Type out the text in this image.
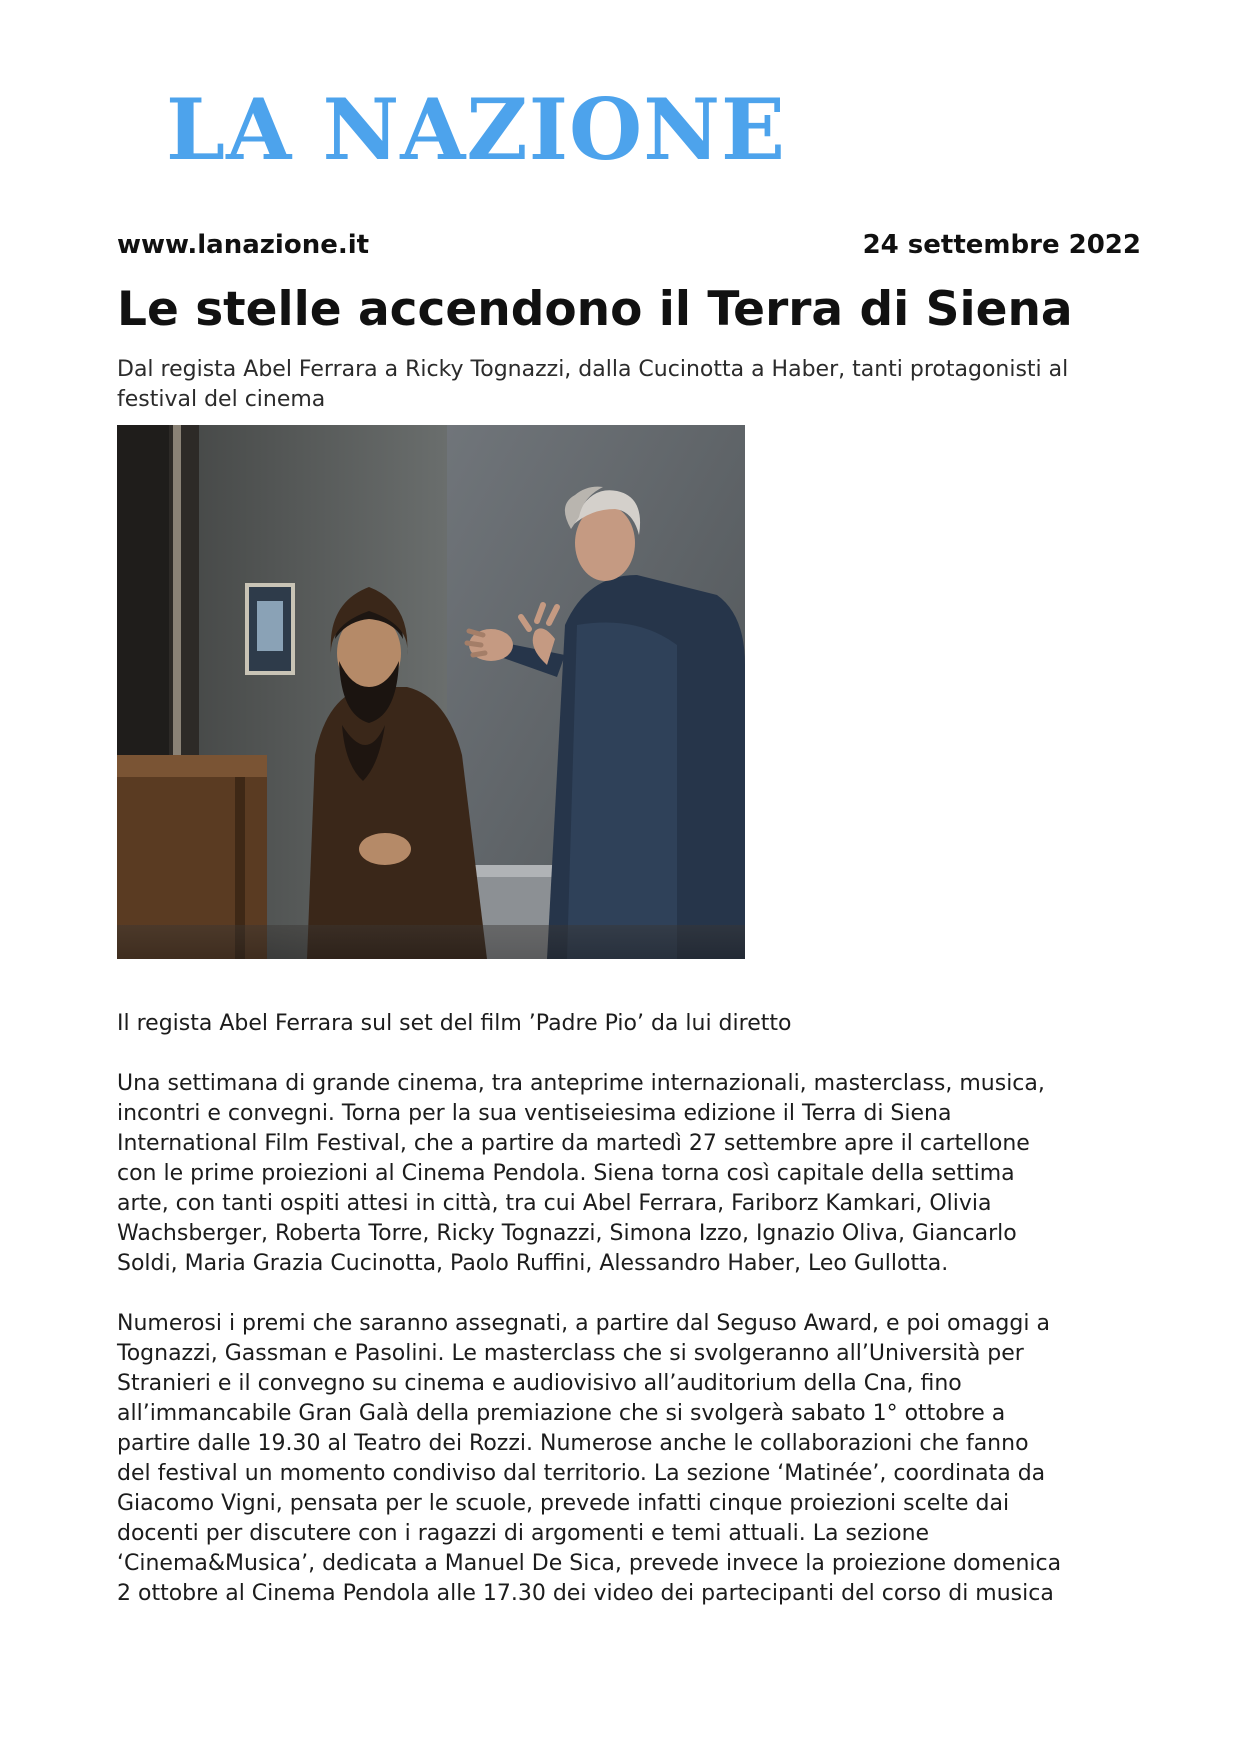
LA NAZIONE
www.lanazione.it	24 settembre 2022
Le stelle accendono il Terra di Siena

Dal regista Abel Ferrara a Ricky Tognazzi, dalla Cucinotta a Haber, tanti protagonisti al festival del cinema

Il regista Abel Ferrara sul set del film ’Padre Pio’ da lui diretto

Una settimana di grande cinema, tra anteprime internazionali, masterclass, musica,
incontri e convegni. Torna per la sua ventiseiesima edizione il Terra di Siena
International Film Festival, che a partire da martedì 27 settembre apre il cartellone
con le prime proiezioni al Cinema Pendola. Siena torna così capitale della settima
arte, con tanti ospiti attesi in città, tra cui Abel Ferrara, Fariborz Kamkari, Olivia
Wachsberger, Roberta Torre, Ricky Tognazzi, Simona Izzo, Ignazio Oliva, Giancarlo
Soldi, Maria Grazia Cucinotta, Paolo Ruffini, Alessandro Haber, Leo Gullotta.

Numerosi i premi che saranno assegnati, a partire dal Seguso Award, e poi omaggi a
Tognazzi, Gassman e Pasolini. Le masterclass che si svolgeranno all’Università per
Stranieri e il convegno su cinema e audiovisivo all’auditorium della Cna, fino
all’immancabile Gran Galà della premiazione che si svolgerà sabato 1° ottobre a
partire dalle 19.30 al Teatro dei Rozzi. Numerose anche le collaborazioni che fanno
del festival un momento condiviso dal territorio. La sezione ‘Matinée’, coordinata da
Giacomo Vigni, pensata per le scuole, prevede infatti cinque proiezioni scelte dai
docenti per discutere con i ragazzi di argomenti e temi attuali. La sezione
‘Cinema&Musica’, dedicata a Manuel De Sica, prevede invece la proiezione domenica
2 ottobre al Cinema Pendola alle 17.30 dei video dei partecipanti del corso di musica
